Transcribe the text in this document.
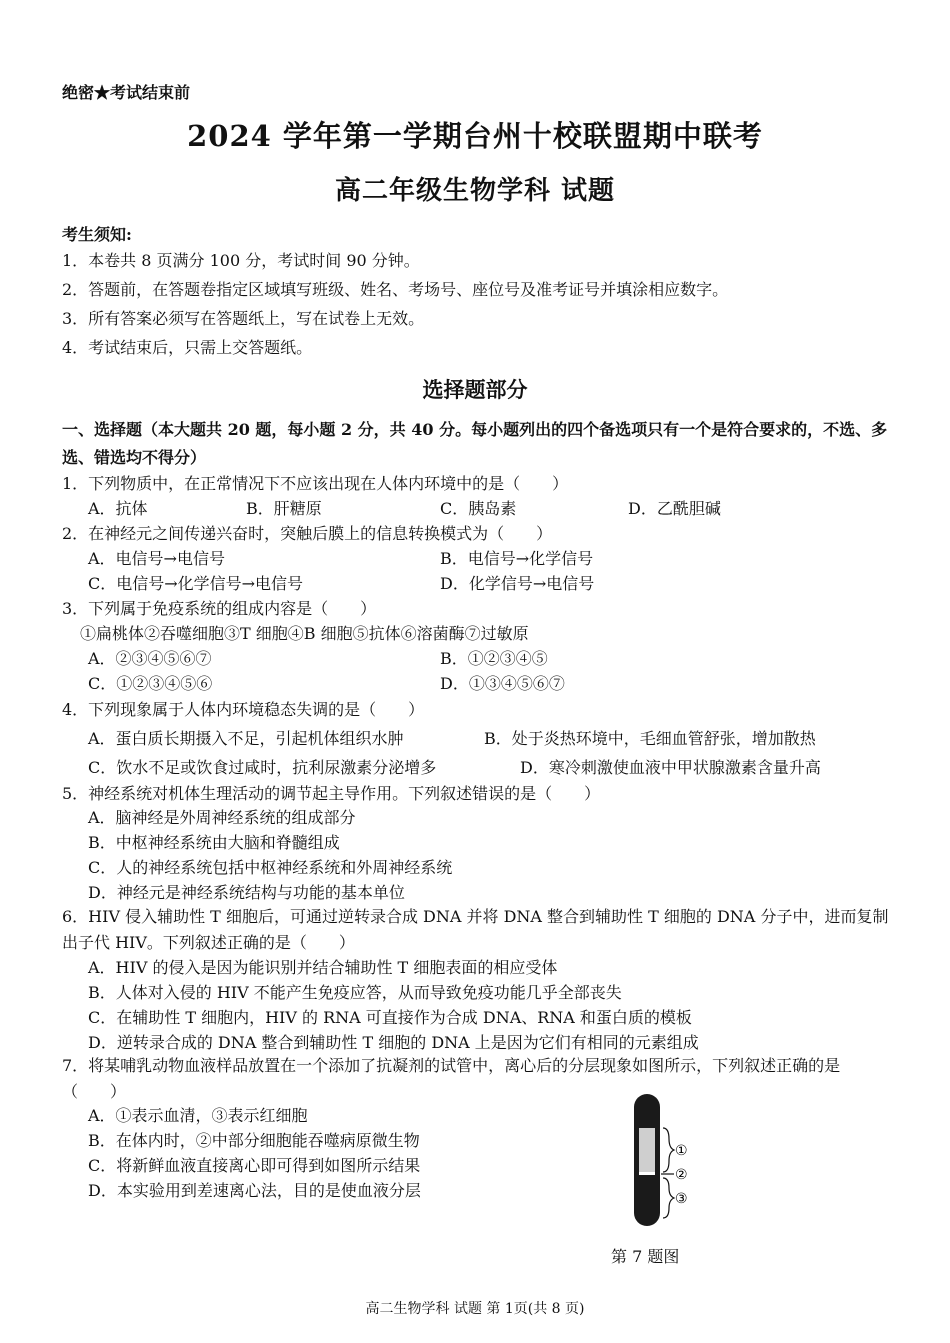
绝密★考试结束前
2024 学年第一学期台州十校联盟期中联考
高二年级生物学科 试题
考生须知:
1．本卷共 8 页满分 100 分，考试时间 90 分钟。
2．答题前，在答题卷指定区域填写班级、姓名、考场号、座位号及准考证号并填涂相应数字。
3．所有答案必须写在答题纸上，写在试卷上无效。
4．考试结束后，只需上交答题纸。
选择题部分
一、选择题（本大题共 20 题，每小题 2 分，共 40 分。每小题列出的四个备选项只有一个是符合要求的，不选、多选、错选均不得分）
1．下列物质中，在正常情况下不应该出现在人体内环境中的是（　　）
A．抗体	B．肝糖原	C．胰岛素	D．乙酰胆碱
2．在神经元之间传递兴奋时，突触后膜上的信息转换模式为（　　）
A．电信号→电信号	B．电信号→化学信号
C．电信号→化学信号→电信号	D．化学信号→电信号
3．下列属于免疫系统的组成内容是（　　）
①扁桃体②吞噬细胞③T 细胞④B 细胞⑤抗体⑥溶菌酶⑦过敏原
A．②③④⑤⑥⑦	B．①②③④⑤
C．①②③④⑤⑥	D．①③④⑤⑥⑦
4．下列现象属于人体内环境稳态失调的是（　　）
A．蛋白质长期摄入不足，引起机体组织水肿	B．处于炎热环境中，毛细血管舒张，增加散热
C．饮水不足或饮食过咸时，抗利尿激素分泌增多	D．寒冷刺激使血液中甲状腺激素含量升高
5．神经系统对机体生理活动的调节起主导作用。下列叙述错误的是（　　）
A．脑神经是外周神经系统的组成部分
B．中枢神经系统由大脑和脊髓组成
C．人的神经系统包括中枢神经系统和外周神经系统
D．神经元是神经系统结构与功能的基本单位
6．HIV 侵入辅助性 T 细胞后，可通过逆转录合成 DNA 并将 DNA 整合到辅助性 T 细胞的 DNA 分子中，进而复制出子代 HIV。下列叙述正确的是（　　）
A．HIV 的侵入是因为能识别并结合辅助性 T 细胞表面的相应受体
B．人体对入侵的 HIV 不能产生免疫应答，从而导致免疫功能几乎全部丧失
C．在辅助性 T 细胞内，HIV 的 RNA 可直接作为合成 DNA、RNA 和蛋白质的模板
D．逆转录合成的 DNA 整合到辅助性 T 细胞的 DNA 上是因为它们有相同的元素组成
7．将某哺乳动物血液样品放置在一个添加了抗凝剂的试管中，离心后的分层现象如图所示，下列叙述正确的是（　　）
A．①表示血清，③表示红细胞
B．在体内时，②中部分细胞能吞噬病原微生物
C．将新鲜血液直接离心即可得到如图所示结果
D．本实验用到差速离心法，目的是使血液分层
①
②
③
第 7 题图
高二生物学科 试题 第 1页(共 8 页)
